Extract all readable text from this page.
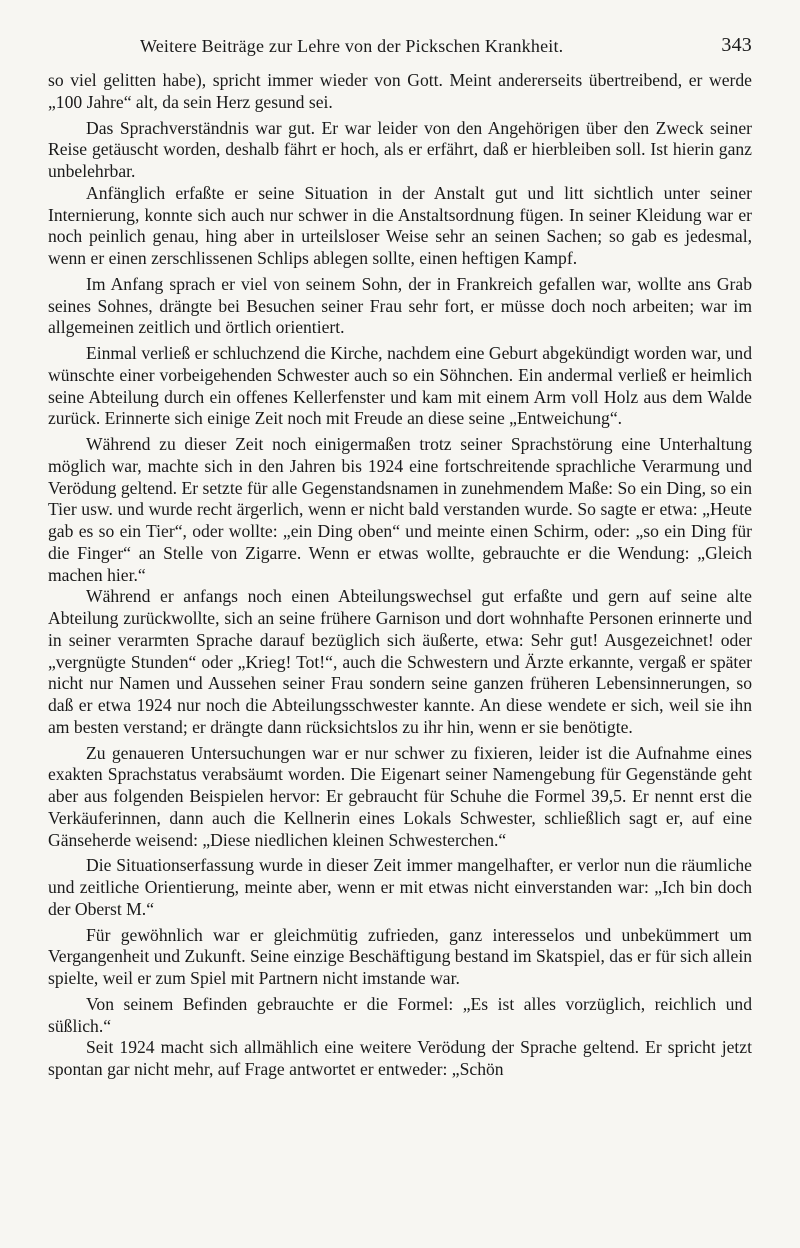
Weitere Beiträge zur Lehre von der Pickschen Krankheit.	343

so viel gelitten habe), spricht immer wieder von Gott. Meint andererseits übertreibend, er werde „100 Jahre“ alt, da sein Herz gesund sei.

Das Sprachverständnis war gut. Er war leider von den Angehörigen über den Zweck seiner Reise getäuscht worden, deshalb fährt er hoch, als er erfährt, daß er hierbleiben soll. Ist hierin ganz unbelehrbar.

Anfänglich erfaßte er seine Situation in der Anstalt gut und litt sichtlich unter seiner Internierung, konnte sich auch nur schwer in die Anstaltsordnung fügen. In seiner Kleidung war er noch peinlich genau, hing aber in urteilsloser Weise sehr an seinen Sachen; so gab es jedesmal, wenn er einen zerschlissenen Schlips ablegen sollte, einen heftigen Kampf.

Im Anfang sprach er viel von seinem Sohn, der in Frankreich gefallen war, wollte ans Grab seines Sohnes, drängte bei Besuchen seiner Frau sehr fort, er müsse doch noch arbeiten; war im allgemeinen zeitlich und örtlich orientiert.

Einmal verließ er schluchzend die Kirche, nachdem eine Geburt abgekündigt worden war, und wünschte einer vorbeigehenden Schwester auch so ein Söhnchen. Ein andermal verließ er heimlich seine Abteilung durch ein offenes Kellerfenster und kam mit einem Arm voll Holz aus dem Walde zurück. Erinnerte sich einige Zeit noch mit Freude an diese seine „Entweichung“.

Während zu dieser Zeit noch einigermaßen trotz seiner Sprachstörung eine Unterhaltung möglich war, machte sich in den Jahren bis 1924 eine fortschreitende sprachliche Verarmung und Verödung geltend. Er setzte für alle Gegenstandsnamen in zunehmendem Maße: So ein Ding, so ein Tier usw. und wurde recht ärgerlich, wenn er nicht bald verstanden wurde. So sagte er etwa: „Heute gab es so ein Tier“, oder wollte: „ein Ding oben“ und meinte einen Schirm, oder: „so ein Ding für die Finger“ an Stelle von Zigarre. Wenn er etwas wollte, gebrauchte er die Wendung: „Gleich machen hier.“

Während er anfangs noch einen Abteilungswechsel gut erfaßte und gern auf seine alte Abteilung zurückwollte, sich an seine frühere Garnison und dort wohnhafte Personen erinnerte und in seiner verarmten Sprache darauf bezüglich sich äußerte, etwa: Sehr gut! Ausgezeichnet! oder „vergnügte Stunden“ oder „Krieg! Tot!“, auch die Schwestern und Ärzte erkannte, vergaß er später nicht nur Namen und Aussehen seiner Frau sondern seine ganzen früheren Lebensinnerungen, so daß er etwa 1924 nur noch die Abteilungsschwester kannte. An diese wendete er sich, weil sie ihn am besten verstand; er drängte dann rücksichtslos zu ihr hin, wenn er sie benötigte.

Zu genaueren Untersuchungen war er nur schwer zu fixieren, leider ist die Aufnahme eines exakten Sprachstatus verabsäumt worden. Die Eigenart seiner Namengebung für Gegenstände geht aber aus folgenden Beispielen hervor: Er gebraucht für Schuhe die Formel 39,5. Er nennt erst die Verkäuferinnen, dann auch die Kellnerin eines Lokals Schwester, schließlich sagt er, auf eine Gänseherde weisend: „Diese niedlichen kleinen Schwesterchen.“

Die Situationserfassung wurde in dieser Zeit immer mangelhafter, er verlor nun die räumliche und zeitliche Orientierung, meinte aber, wenn er mit etwas nicht einverstanden war: „Ich bin doch der Oberst M.“

Für gewöhnlich war er gleichmütig zufrieden, ganz interesselos und unbekümmert um Vergangenheit und Zukunft. Seine einzige Beschäftigung bestand im Skatspiel, das er für sich allein spielte, weil er zum Spiel mit Partnern nicht imstande war.

Von seinem Befinden gebrauchte er die Formel: „Es ist alles vorzüglich, reichlich und süßlich.“

Seit 1924 macht sich allmählich eine weitere Verödung der Sprache geltend. Er spricht jetzt spontan gar nicht mehr, auf Frage antwortet er entweder: „Schön
